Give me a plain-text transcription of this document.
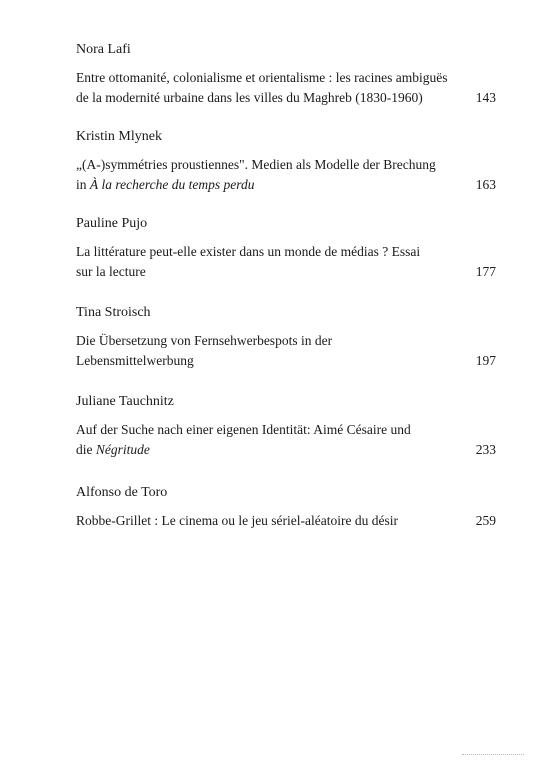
Nora Lafi
Entre ottomanité, colonialisme et orientalisme : les racines ambiguës
de la modernité urbaine dans les villes du Maghreb (1830-1960)	143
Kristin Mlynek
„(A-)symmétries proustiennes". Medien als Modelle der Brechung
in À la recherche du temps perdu	163
Pauline Pujo
La littérature peut-elle exister dans un monde de médias ? Essai
sur la lecture	177
Tina Stroisch
Die Übersetzung von Fernsehwerbespots in der
Lebensmittelwerbung	197
Juliane Tauchnitz
Auf der Suche nach einer eigenen Identität: Aimé Césaire und
die Négritude	233
Alfonso de Toro
Robbe-Grillet : Le cinema ou le jeu sériel-aléatoire du désir	259
